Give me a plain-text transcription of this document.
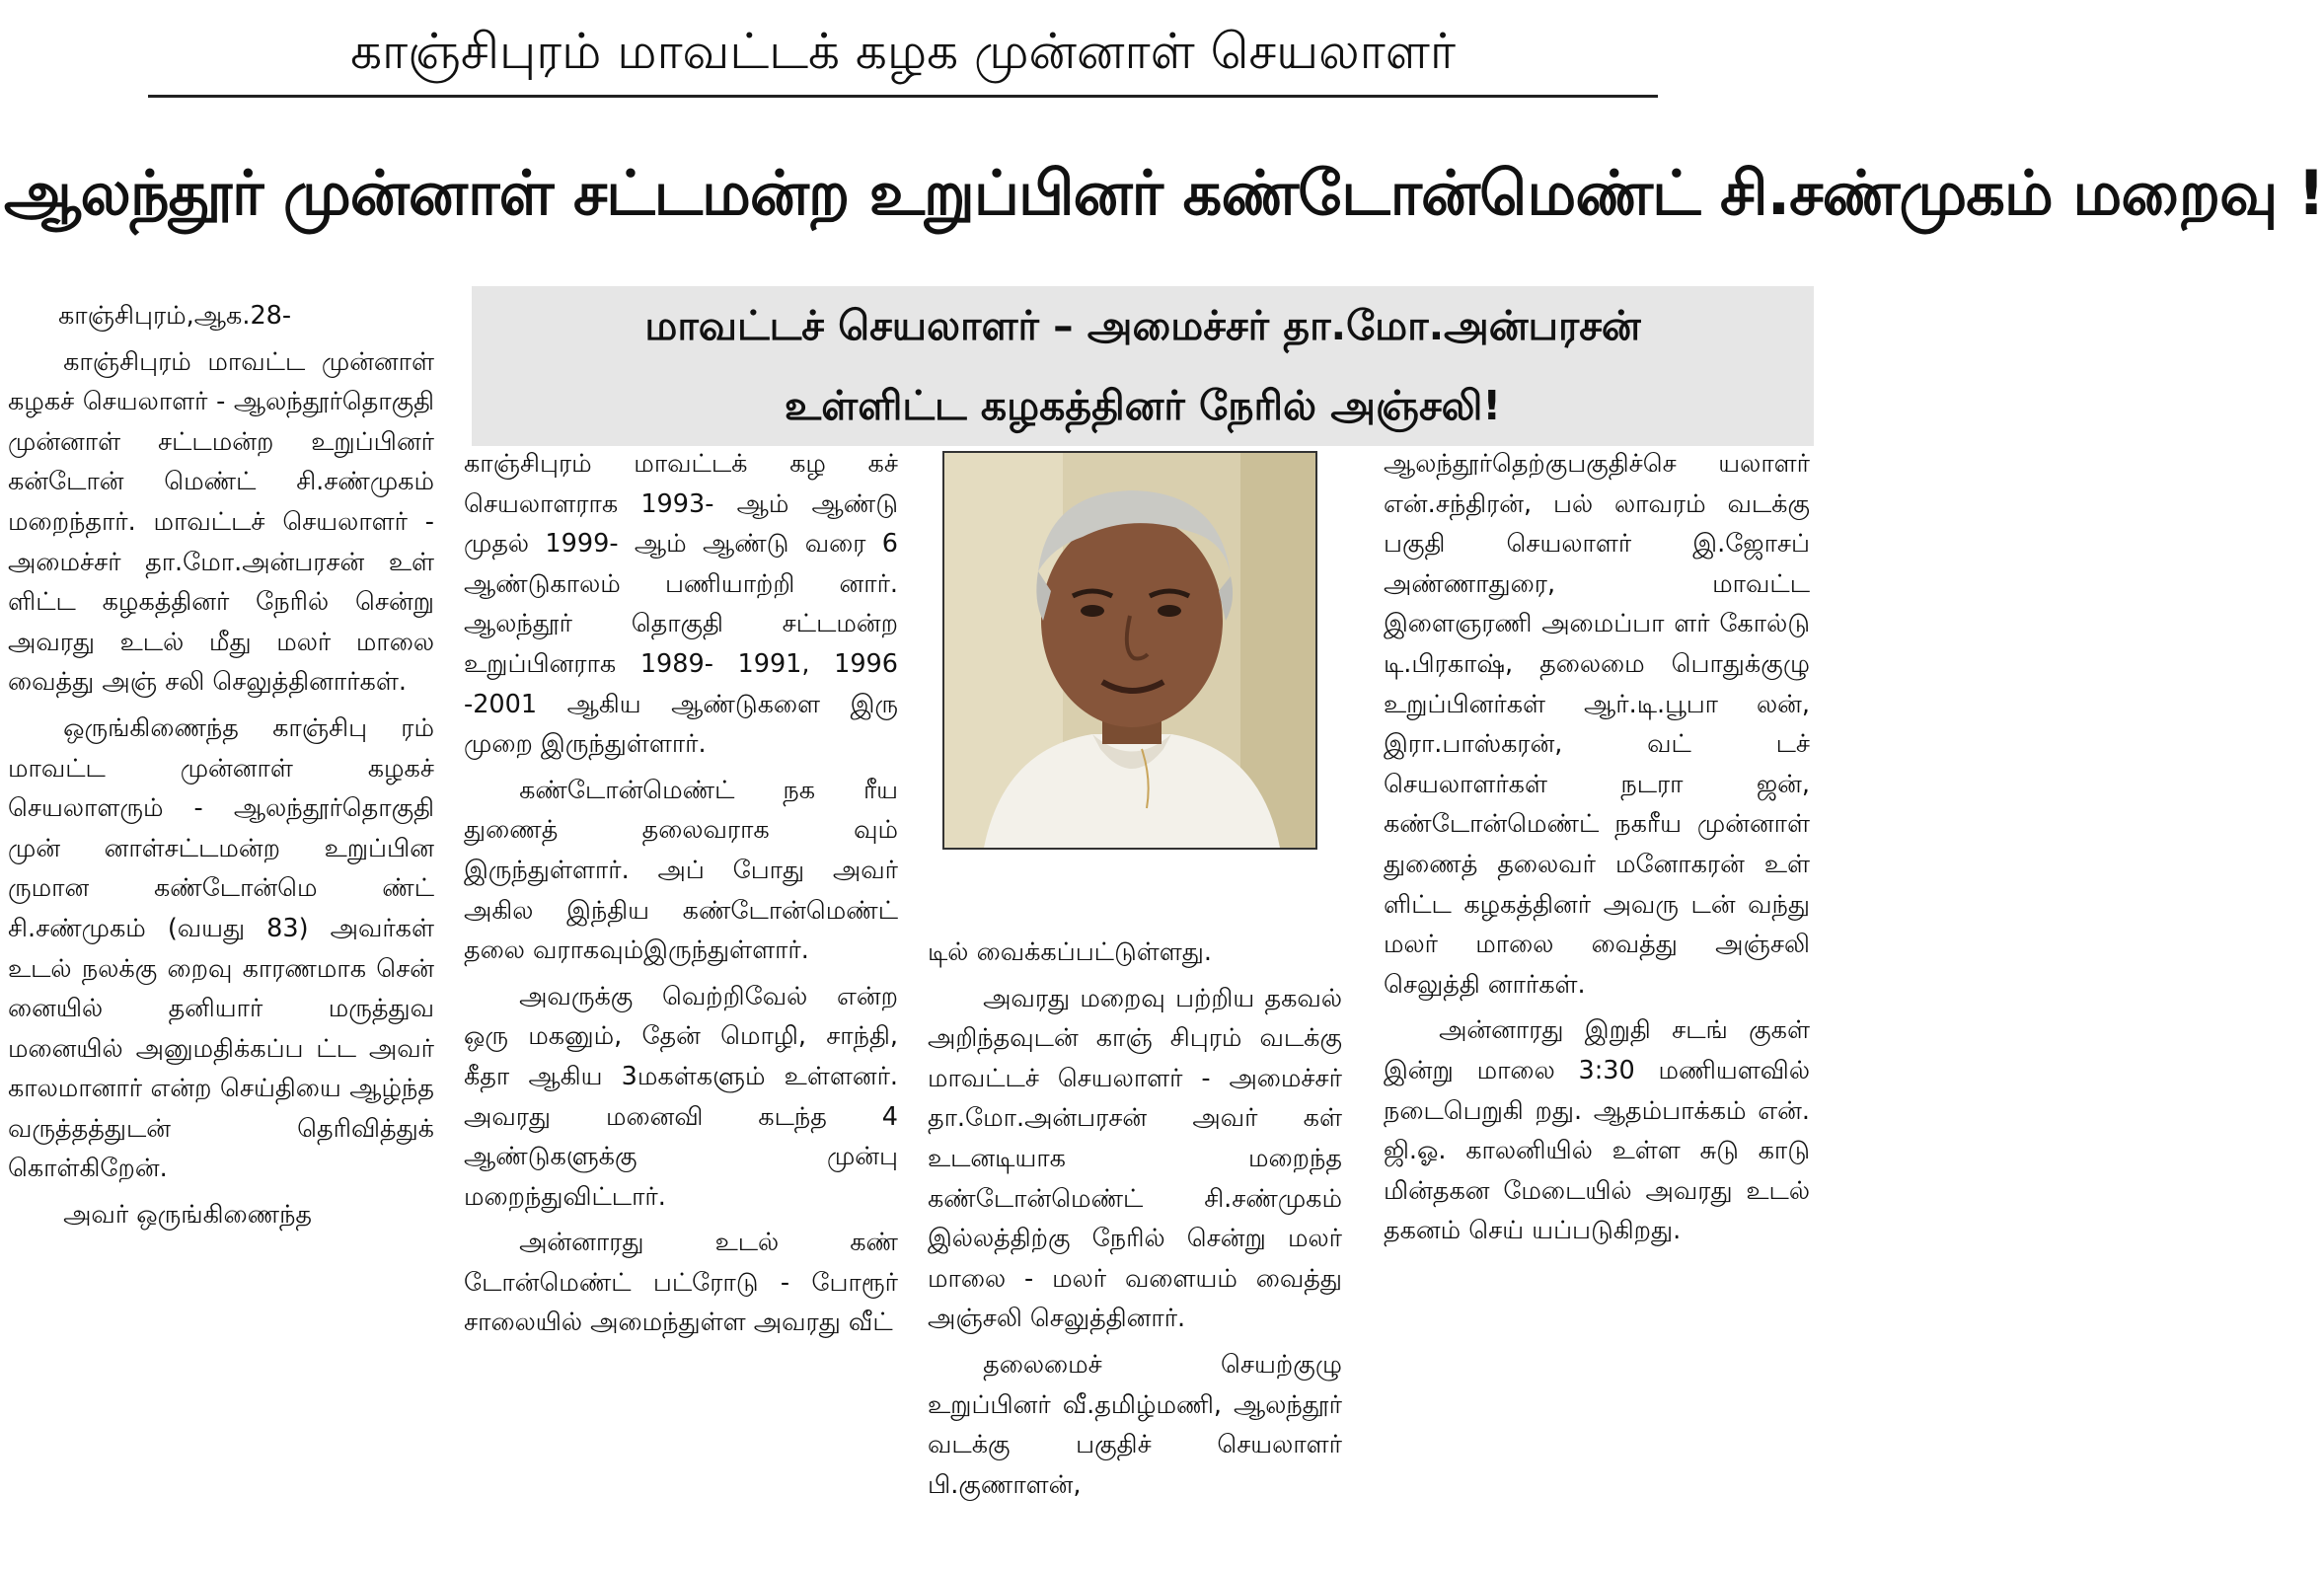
காஞ்சிபுரம் மாவட்டக் கழக முன்னாள் செயலாளர்
ஆலந்தூர் முன்னாள் சட்டமன்ற உறுப்பினர் கண்டோன்மெண்ட் சி.சண்முகம் மறைவு !
மாவட்டச் செயலாளர் – அமைச்சர் தா.மோ.அன்பரசன்
உள்ளிட்ட கழகத்தினர் நேரில் அஞ்சலி!

காஞ்சிபுரம்,ஆக.28-

காஞ்சிபுரம் மாவட்ட முன்னாள் கழகச் செயலாளர் - ஆலந்தூர்தொகுதி முன்னாள் சட்டமன்ற உறுப்பினர் கன்டோன் மெண்ட் சி.சண்முகம் மறைந்தார். மாவட்டச் செயலாளர் - அமைச்சர் தா.மோ.அன்பரசன் உள் ளிட்ட கழகத்தினர் நேரில் சென்று அவரது உடல் மீது மலர் மாலை வைத்து அஞ் சலி செலுத்தினார்கள்.

ஒருங்கிணைந்த காஞ்சிபு ரம் மாவட்ட முன்னாள் கழகச் செயலாளரும் - ஆலந்தூர்தொகுதி முன் னாள்சட்டமன்ற உறுப்பின ருமான கண்டோன்மெ ண்ட் சி.சண்முகம் (வயது 83) அவர்கள் உடல் நலக்கு றைவு காரணமாக சென் னையில் தனியார் மருத்துவ மனையில் அனுமதிக்கப்ப ட்ட அவர் காலமானார் என்ற செய்தியை ஆழ்ந்த வருத்தத்துடன் தெரிவித்துக் கொள்கிறேன்.

அவர் ஒருங்கிணைந்த

காஞ்சிபுரம் மாவட்டக் கழ கச் செயலாளராக 1993- ஆம் ஆண்டு முதல் 1999- ஆம் ஆண்டு வரை 6 ஆண்டுகாலம் பணியாற்றி னார். ஆலந்தூர் தொகுதி சட்டமன்ற உறுப்பினராக 1989- 1991, 1996 -2001 ஆகிய ஆண்டுகளை இரு முறை இருந்துள்ளார்.

கண்டோன்மெண்ட் நக ரீய துணைத் தலைவராக வும் இருந்துள்ளார். அப் போது அவர் அகில இந்திய கண்டோன்மெண்ட் தலை வராகவும்இருந்துள்ளார்.

அவருக்கு வெற்றிவேல் என்ற ஒரு மகனும், தேன் மொழி, சாந்தி, கீதா ஆகிய 3மகள்களும் உள்ளனர். அவரது மனைவி கடந்த 4 ஆண்டுகளுக்கு முன்பு மறைந்துவிட்டார்.

அன்னாரது உடல் கண் டோன்மெண்ட் பட்ரோடு - போரூர் சாலையில் அமைந்துள்ள அவரது வீட்

டில் வைக்கப்பட்டுள்ளது.

அவரது மறைவு பற்றிய தகவல் அறிந்தவுடன் காஞ் சிபுரம் வடக்கு மாவட்டச் செயலாளர் - அமைச்சர் தா.மோ.அன்பரசன் அவர் கள் உடனடியாக மறைந்த கண்டோன்மெண்ட் சி.சண்முகம் இல்லத்திற்கு நேரில் சென்று மலர் மாலை - மலர் வளையம் வைத்து அஞ்சலி செலுத்தினார்.

தலைமைச் செயற்குழு உறுப்பினர் வீ.தமிழ்மணி, ஆலந்தூர் வடக்கு பகுதிச் செயலாளர் பி.குணாளன்,

ஆலந்தூர்தெற்குபகுதிச்செ யலாளர் என்.சந்திரன், பல் லாவரம் வடக்கு பகுதி செயலாளர் இ.ஜோசப் அண்ணாதுரை, மாவட்ட இளைஞரணி அமைப்பா ளர் கோல்டு டி.பிரகாஷ், தலைமை பொதுக்குழு உறுப்பினர்கள் ஆர்.டி.பூபா லன், இரா.பாஸ்கரன், வட் டச் செயலாளர்கள் நடரா ஜன், கண்டோன்மெண்ட் நகரீய முன்னாள் துணைத் தலைவர் மனோகரன் உள் ளிட்ட கழகத்தினர் அவரு டன் வந்து மலர் மாலை வைத்து அஞ்சலி செலுத்தி னார்கள்.

அன்னாரது இறுதி சடங் குகள் இன்று மாலை 3:30 மணியளவில் நடைபெறுகி றது. ஆதம்பாக்கம் என். ஜி.ஓ. காலனியில் உள்ள சுடு காடு மின்தகன மேடையில் அவரது உடல் தகனம் செய் யப்படுகிறது.
